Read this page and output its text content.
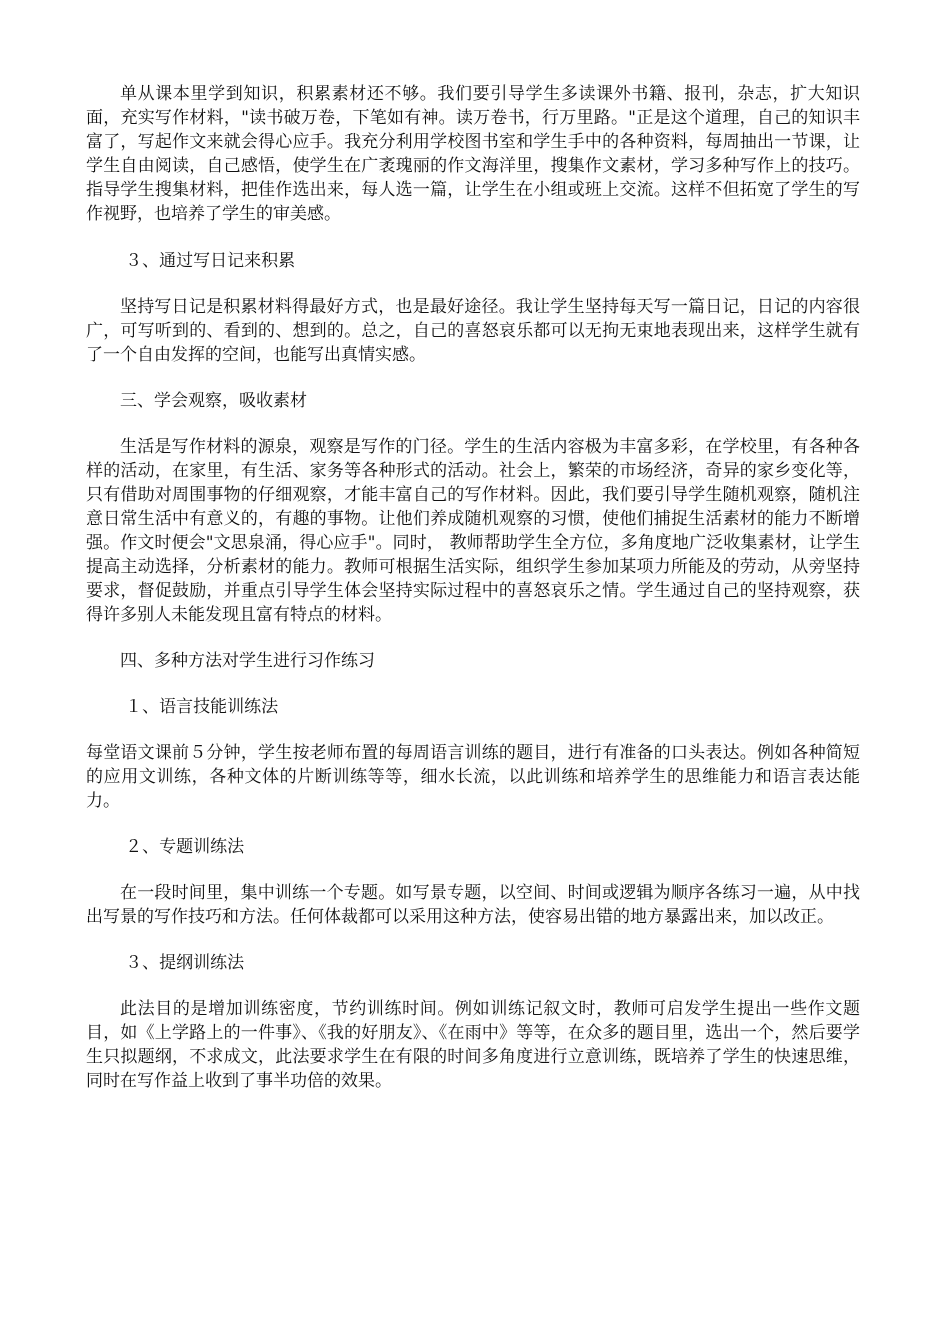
单从课本里学到知识，积累素材还不够。我们要引导学生多读课外书籍、报刊，杂志，扩大知识面，充实写作材料，"读书破万卷，下笔如有神。读万卷书，行万里路。"正是这个道理，自己的知识丰富了，写起作文来就会得心应手。我充分利用学校图书室和学生手中的各种资料，每周抽出一节课，让学生自由阅读，自己感悟，使学生在广袤瑰丽的作文海洋里，搜集作文素材，学习多种写作上的技巧。指导学生搜集材料，把佳作选出来，每人选一篇，让学生在小组或班上交流。这样不但拓宽了学生的写作视野，也培养了学生的审美感。

３、通过写日记来积累

坚持写日记是积累材料得最好方式，也是最好途径。我让学生坚持每天写一篇日记，日记的内容很广，可写听到的、看到的、想到的。总之，自己的喜怒哀乐都可以无拘无束地表现出来，这样学生就有了一个自由发挥的空间，也能写出真情实感。

三、学会观察，吸收素材

生活是写作材料的源泉，观察是写作的门径。学生的生活内容极为丰富多彩，在学校里，有各种各样的活动，在家里，有生活、家务等各种形式的活动。社会上，繁荣的市场经济，奇异的家乡变化等，只有借助对周围事物的仔细观察，才能丰富自己的写作材料。因此，我们要引导学生随机观察，随机注意日常生活中有意义的，有趣的事物。让他们养成随机观察的习惯，使他们捕捉生活素材的能力不断增强。作文时便会"文思泉涌，得心应手"。同时， 教师帮助学生全方位，多角度地广泛收集素材，让学生提高主动选择，分析素材的能力。教师可根据生活实际，组织学生参加某项力所能及的劳动，从旁坚持要求，督促鼓励，并重点引导学生体会坚持实际过程中的喜怒哀乐之情。学生通过自己的坚持观察，获得许多别人未能发现且富有特点的材料。

四、多种方法对学生进行习作练习

１、语言技能训练法

每堂语文课前５分钟，学生按老师布置的每周语言训练的题目，进行有准备的口头表达。例如各种简短的应用文训练，各种文体的片断训练等等，细水长流，以此训练和培养学生的思维能力和语言表达能力。

２、专题训练法

在一段时间里，集中训练一个专题。如写景专题，以空间、时间或逻辑为顺序各练习一遍，从中找出写景的写作技巧和方法。任何体裁都可以采用这种方法，使容易出错的地方暴露出来，加以改正。

３、提纲训练法

此法目的是增加训练密度，节约训练时间。例如训练记叙文时，教师可启发学生提出一些作文题目，如《上学路上的一件事》、《我的好朋友》、《在雨中》等等，在众多的题目里，选出一个，然后要学生只拟题纲，不求成文，此法要求学生在有限的时间多角度进行立意训练，既培养了学生的快速思维，同时在写作益上收到了事半功倍的效果。
